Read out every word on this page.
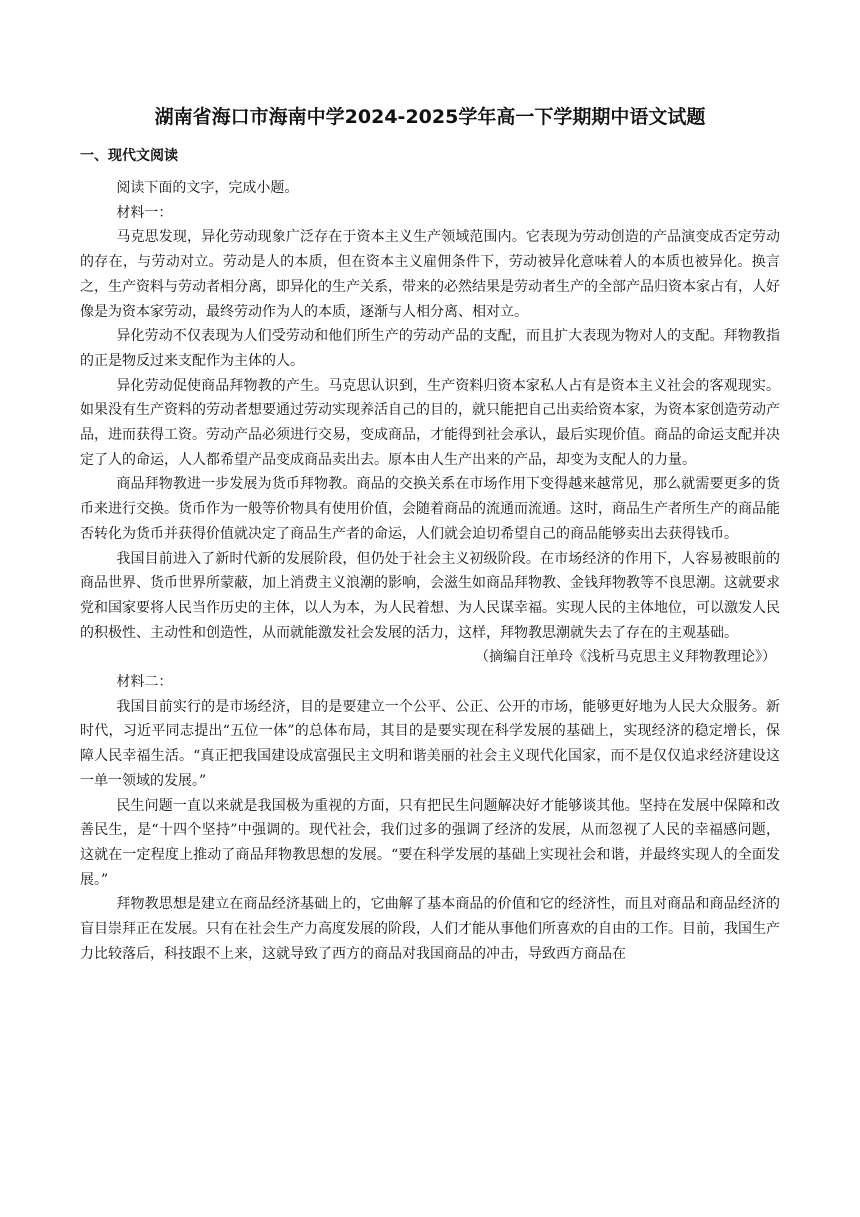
湖南省海口市海南中学2024-2025学年高一下学期期中语文试题
一、现代文阅读

阅读下面的文字，完成小题。

材料一：

马克思发现，异化劳动现象广泛存在于资本主义生产领域范围内。它表现为劳动创造的产品演变成否定劳动的存在，与劳动对立。劳动是人的本质，但在资本主义雇佣条件下，劳动被异化意味着人的本质也被异化。换言之，生产资料与劳动者相分离，即异化的生产关系，带来的必然结果是劳动者生产的全部产品归资本家占有，人好像是为资本家劳动，最终劳动作为人的本质，逐渐与人相分离、相对立。

异化劳动不仅表现为人们受劳动和他们所生产的劳动产品的支配，而且扩大表现为物对人的支配。拜物教指的正是物反过来支配作为主体的人。

异化劳动促使商品拜物教的产生。马克思认识到，生产资料归资本家私人占有是资本主义社会的客观现实。如果没有生产资料的劳动者想要通过劳动实现养活自己的目的，就只能把自己出卖给资本家，为资本家创造劳动产品，进而获得工资。劳动产品必须进行交易，变成商品，才能得到社会承认，最后实现价值。商品的命运支配并决定了人的命运，人人都希望产品变成商品卖出去。原本由人生产出来的产品，却变为支配人的力量。

商品拜物教进一步发展为货币拜物教。商品的交换关系在市场作用下变得越来越常见，那么就需要更多的货币来进行交换。货币作为一般等价物具有使用价值，会随着商品的流通而流通。这时，商品生产者所生产的商品能否转化为货币并获得价值就决定了商品生产者的命运，人们就会迫切希望自己的商品能够卖出去获得钱币。

我国目前进入了新时代新的发展阶段，但仍处于社会主义初级阶段。在市场经济的作用下，人容易被眼前的商品世界、货币世界所蒙蔽，加上消费主义浪潮的影响，会滋生如商品拜物教、金钱拜物教等不良思潮。这就要求党和国家要将人民当作历史的主体，以人为本，为人民着想、为人民谋幸福。实现人民的主体地位，可以激发人民的积极性、主动性和创造性，从而就能激发社会发展的活力，这样，拜物教思潮就失去了存在的主观基础。

（摘编自汪单玲《浅析马克思主义拜物教理论》）

材料二：

我国目前实行的是市场经济，目的是要建立一个公平、公正、公开的市场，能够更好地为人民大众服务。新时代，习近平同志提出“五位一体”的总体布局，其目的是要实现在科学发展的基础上，实现经济的稳定增长，保障人民幸福生活。“真正把我国建设成富强民主文明和谐美丽的社会主义现代化国家，而不是仅仅追求经济建设这一单一领域的发展。”

民生问题一直以来就是我国极为重视的方面，只有把民生问题解决好才能够谈其他。坚持在发展中保障和改善民生，是“十四个坚持”中强调的。现代社会，我们过多的强调了经济的发展，从而忽视了人民的幸福感问题，这就在一定程度上推动了商品拜物教思想的发展。“要在科学发展的基础上实现社会和谐，并最终实现人的全面发展。”

拜物教思想是建立在商品经济基础上的，它曲解了基本商品的价值和它的经济性，而且对商品和商品经济的盲目崇拜正在发展。只有在社会生产力高度发展的阶段，人们才能从事他们所喜欢的自由的工作。目前，我国生产力比较落后，科技跟不上来，这就导致了西方的商品对我国商品的冲击，导致西方商品在
